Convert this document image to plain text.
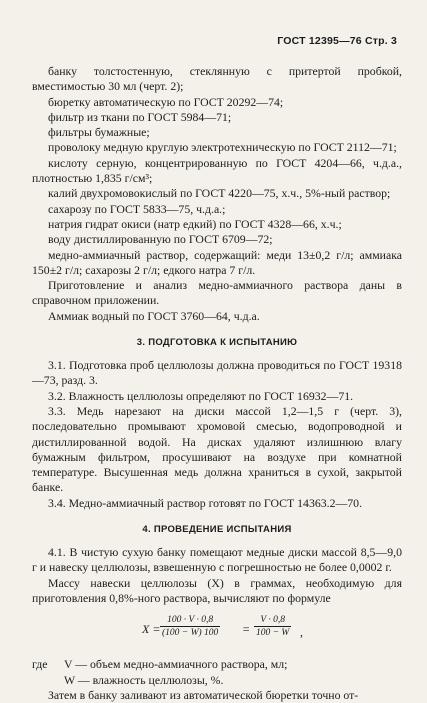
ГОСТ 12395—76 Стр. 3

банку толстостенную, стеклянную с притертой пробкой, вместимостью 30 мл (черт. 2);

бюретку автоматическую по ГОСТ 20292—74;

фильтр из ткани по ГОСТ 5984—71;

фильтры бумажные;

проволоку медную круглую электротехническую по ГОСТ 2112—71;

кислоту серную, концентрированную по ГОСТ 4204—66, ч.д.а., плотностью 1,835 г/см³;

калий двухромовокислый по ГОСТ 4220—75, х.ч., 5%-ный раствор;

сахарозу по ГОСТ 5833—75, ч.д.а.;

натрия гидрат окиси (натр едкий) по ГОСТ 4328—66, х.ч.;

воду дистиллированную по ГОСТ 6709—72;

медно-аммиачный раствор, содержащий: меди 13±0,2 г/л; аммиака 150±2 г/л; сахарозы 2 г/л; едкого натра 7 г/л.

Приготовление и анализ медно-аммиачного раствора даны в справочном приложении.

Аммиак водный по ГОСТ 3760—64, ч.д.а.

3. ПОДГОТОВКА К ИСПЫТАНИЮ

3.1. Подготовка проб целлюлозы должна проводиться по ГОСТ 19318—73, разд. 3.

3.2. Влажность целлюлозы определяют по ГОСТ 16932—71.

3.3. Медь нарезают на диски массой 1,2—1,5 г (черт. 3), последовательно промывают хромовой смесью, водопроводной и дистиллированной водой. На дисках удаляют излишнюю влагу бумажным фильтром, просушивают на воздухе при комнатной температуре. Высушенная медь должна храниться в сухой, закрытой банке.

3.4. Медно-аммиачный раствор готовят по ГОСТ 14363.2—70.

4. ПРОВЕДЕНИЕ ИСПЫТАНИЯ

4.1. В чистую сухую банку помещают медные диски массой 8,5—9,0 г и навеску целлюлозы, взвешенную с погрешностью не более 0,0002 г.

Массу навески целлюлозы (X) в граммах, необходимую для приготовления 0,8%-ного раствора, вычисляют по формуле

$X = \frac{100 \cdot V \cdot 0,8}{(100 - W) 100} = \frac{V \cdot 0,8}{100 - W}$ ,

где V — объем медно-аммиачного раствора, мл;

W — влажность целлюлозы, %.

Затем в банку заливают из автоматической бюретки точно от-
